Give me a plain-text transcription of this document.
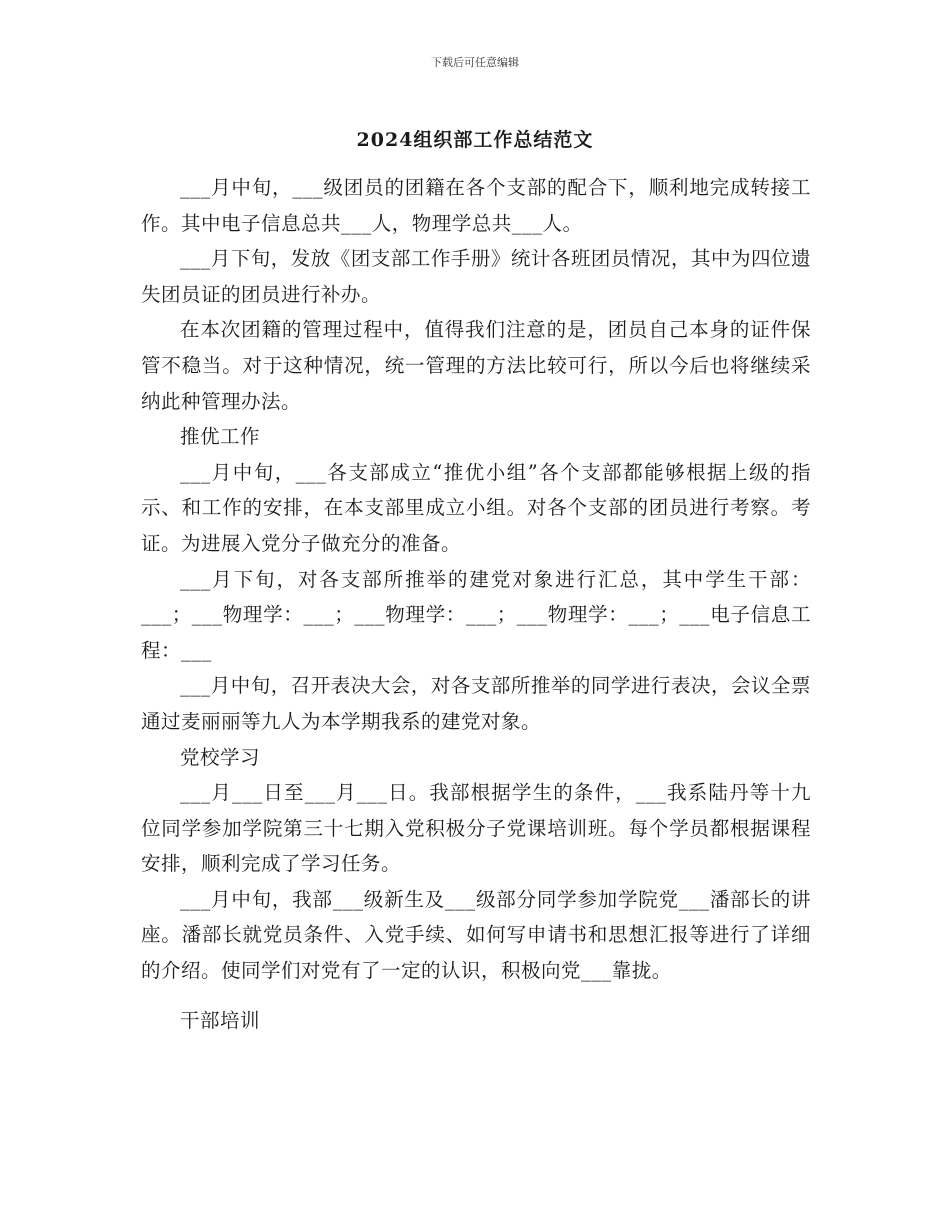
下载后可任意编辑
2024组织部工作总结范文

___月中旬，___级团员的团籍在各个支部的配合下，顺利地完成转接工作。其中电子信息总共___人，物理学总共___人。

___月下旬，发放《团支部工作手册》统计各班团员情况，其中为四位遗失团员证的团员进行补办。

在本次团籍的管理过程中，值得我们注意的是，团员自己本身的证件保管不稳当。对于这种情况，统一管理的方法比较可行，所以今后也将继续采纳此种管理办法。

推优工作

___月中旬，___各支部成立“推优小组”各个支部都能够根据上级的指示、和工作的安排，在本支部里成立小组。对各个支部的团员进行考察。考证。为进展入党分子做充分的准备。

___月下旬，对各支部所推举的建党对象进行汇总，其中学生干部：___；___物理学：___；___物理学：___；___物理学：___；___电子信息工程：___

___月中旬，召开表决大会，对各支部所推举的同学进行表决，会议全票通过麦丽丽等九人为本学期我系的建党对象。

党校学习

___月___日至___月___日。我部根据学生的条件，___我系陆丹等十九位同学参加学院第三十七期入党积极分子党课培训班。每个学员都根据课程安排，顺利完成了学习任务。

___月中旬，我部___级新生及___级部分同学参加学院党___潘部长的讲座。潘部长就党员条件、入党手续、如何写申请书和思想汇报等进行了详细的介绍。使同学们对党有了一定的认识，积极向党___靠拢。

干部培训
